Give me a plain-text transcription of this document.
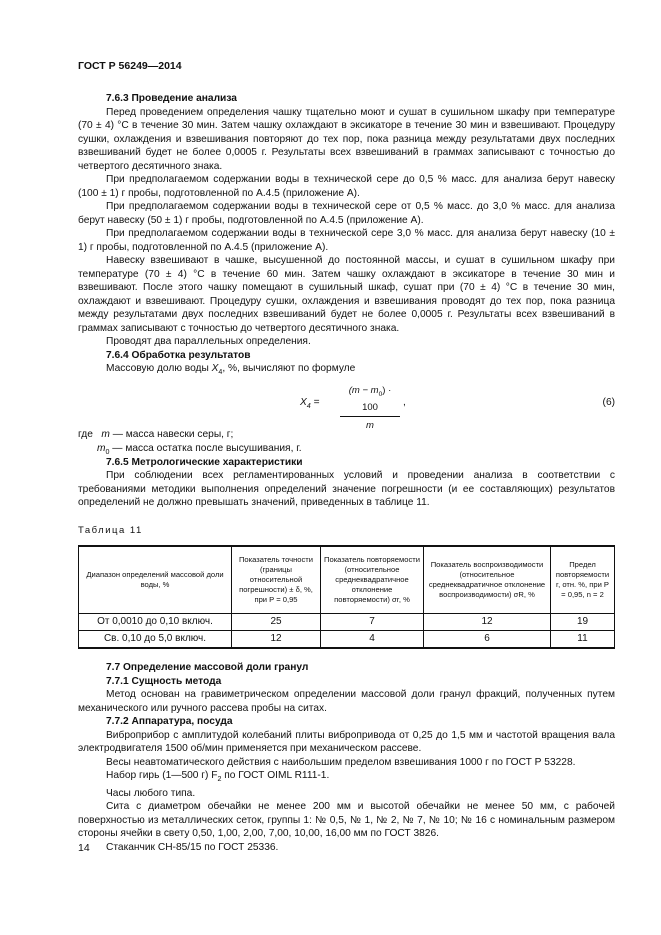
ГОСТ Р 56249—2014
7.6.3 Проведение анализа

Перед проведением определения чашку тщательно моют и сушат в сушильном шкафу при температуре (70 ± 4) °С в течение 30 мин. Затем чашку охлаждают в эксикаторе в течение 30 мин и взвешивают. Процедуру сушки, охлаждения и взвешивания повторяют до тех пор, пока разница между результатами двух последних взвешиваний будет не более 0,0005 г. Результаты всех взвешиваний в граммах записывают с точностью до четвертого десятичного знака.

При предполагаемом содержании воды в технической сере до 0,5 % масс. для анализа берут навеску (100 ± 1) г пробы, подготовленной по А.4.5 (приложение А).

При предполагаемом содержании воды в технической сере от 0,5 % масс. до 3,0 % масс. для анализа берут навеску (50 ± 1) г пробы, подготовленной по А.4.5 (приложение А).

При предполагаемом содержании воды в технической сере 3,0 % масс. для анализа берут навеску (10 ± 1) г пробы, подготовленной по А.4.5 (приложение А).

Навеску взвешивают в чашке, высушенной до постоянной массы, и сушат в сушильном шкафу при температуре (70 ± 4) °С в течение 60 мин. Затем чашку охлаждают в эксикаторе в течение 30 мин и взвешивают. После этого чашку помещают в сушильный шкаф, сушат при (70 ± 4) °С в течение 30 мин, охлаждают и взвешивают. Процедуру сушки, охлаждения и взвешивания проводят до тех пор, пока разница между результатами двух последних взвешиваний будет не более 0,0005 г. Результаты всех взвешиваний в граммах записывают с точностью до четвертого десятичного знака.

Проводят два параллельных определения.

7.6.4 Обработка результатов

Массовую долю воды $X_4$, %, вычисляют по формуле

$X_4 = \frac{(m - m_0) \cdot 100}{m}$ ,	(6)
где m — масса навески серы, г;
$m_0$ — масса остатка после высушивания, г.
7.6.5 Метрологические характеристики

При соблюдении всех регламентированных условий и проведении анализа в соответствии с требованиями методики выполнения определений значение погрешности (и ее составляющих) результатов определений не должно превышать значений, приведенных в таблице 11.

Таблица 11
Диапазон определений массовой доли воды, %	Показатель точности (границы относительной погрешности) ± δ, %, при P = 0,95	Показатель повторяемости (относительное среднеквадратичное отклонение повторяемости) σr, %	Показатель воспроизводимости (относительное среднеквадратичное отклонение воспроизводимости) σR, %	Предел повторяемости r, отн. %, при P = 0,95, n = 2
От 0,0010 до 0,10 включ.	25	7	12	19
Св. 0,10 до 5,0 включ.	12	4	6	11
7.7 Определение массовой доли гранул
7.7.1 Сущность метода

Метод основан на гравиметрическом определении массовой доли гранул фракций, полученных путем механического или ручного рассева пробы на ситах.

7.7.2 Аппаратура, посуда

Виброприбор с амплитудой колебаний плиты вибропривода от 0,25 до 1,5 мм и частотой вращения вала электродвигателя 1500 об/мин применяется при механическом рассеве.

Весы неавтоматического действия с наибольшим пределом взвешивания 1000 г по ГОСТ Р 53228.

Набор гирь (1—500 г) $F_2$ по ГОСТ OIML R111-1.

Часы любого типа.

Сита с диаметром обечайки не менее 200 мм и высотой обечайки не менее 50 мм, с рабочей поверхностью из металлических сеток, группы 1: № 0,5, № 1, № 2, № 7, № 10; № 16 с номинальным размером стороны ячейки в свету 0,50, 1,00, 2,00, 7,00, 10,00, 16,00 мм по ГОСТ 3826.

Стаканчик СН-85/15 по ГОСТ 25336.

14
